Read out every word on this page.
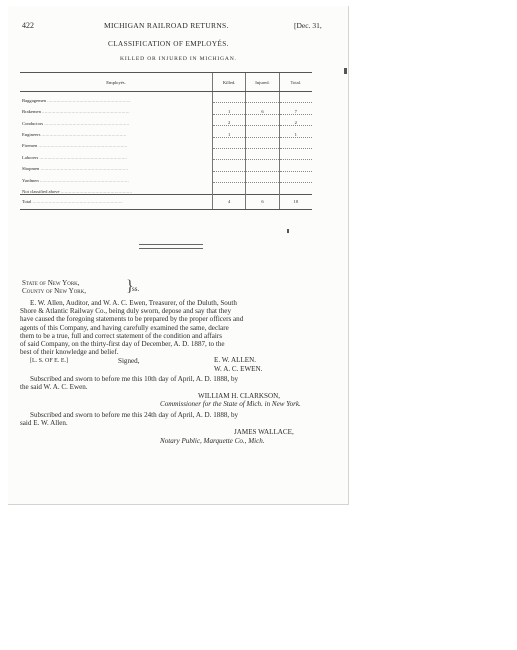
422	MICHIGAN RAILROAD RETURNS.	[Dec. 31,
CLASSIFICATION OF EMPLOYÉS.
KILLED OR INJURED IN MICHIGAN.
Employés.	Killed.	Injured.	Total.
Baggagemen ..............................................................			
Brakemen .................................................................	1	6	7
Conductors ...............................................................	2		2
Engineers ...............................................................	1		1
Firemen ..................................................................			
Laborers .................................................................			
Shopmen .................................................................			
Yardmen ..................................................................			
Not classified above .....................................................			
Total ...................................................................	4	6	10
State of New York,
County of New York, }
ss.
E. W. Allen, Auditor, and W. A. C. Ewen, Treasurer, of the Duluth, South
Shore & Atlantic Railway Co., being duly sworn, depose and say that they
have caused the foregoing statements to be prepared by the proper officers and
agents of this Company, and having carefully examined the same, declare
them to be a true, full and correct statement of the condition and affairs
of said Company, on the thirty-first day of December, A. D. 1887, to the
best of their knowledge and belief.
[L. S. OF E. E.]	Signed,	E. W. ALLEN.
W. A. C. EWEN.
Subscribed and sworn to before me this 10th day of April, A. D. 1888, by
the said W. A. C. Ewen.
WILLIAM H. CLARKSON,
Commissioner for the State of Mich. in New York.
Subscribed and sworn to before me this 24th day of April, A. D. 1888, by
said E. W. Allen.
JAMES WALLACE,
Notary Public, Marquette Co., Mich.
